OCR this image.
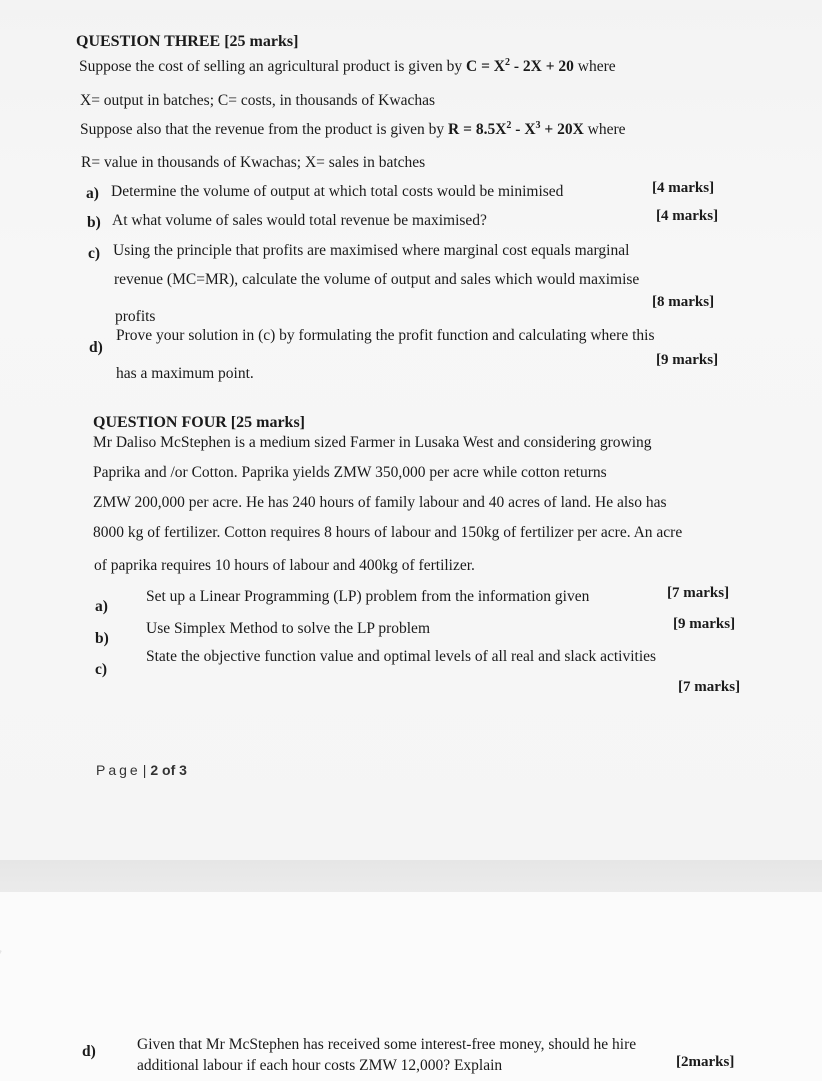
QUESTION THREE [25 marks]
Suppose the cost of selling an agricultural product is given by $C = X^2 - 2X + 20$ where
X= output in batches; C= costs, in thousands of Kwachas
Suppose also that the revenue from the product is given by $R = 8.5X^2 - X^3 + 20X$ where
R= value in thousands of Kwachas; X= sales in batches
a) Determine the volume of output at which total costs would be minimised	[4 marks]
b) At what volume of sales would total revenue be maximised?	[4 marks]
c) Using the principle that profits are maximised where marginal cost equals marginal
revenue (MC=MR), calculate the volume of output and sales which would maximise
profits
[8 marks]
d)
Prove your solution in (c) by formulating the profit function and calculating where this
has a maximum point.
[9 marks]
QUESTION FOUR [25 marks]
Mr Daliso McStephen is a medium sized Farmer in Lusaka West and considering growing
Paprika and /or Cotton. Paprika yields ZMW 350,000 per acre while cotton returns
ZMW 200,000 per acre. He has 240 hours of family labour and 40 acres of land. He also has
8000 kg of fertilizer. Cotton requires 8 hours of labour and 150kg of fertilizer per acre. An acre
of paprika requires 10 hours of labour and 400kg of fertilizer.
a)
Set up a Linear Programming (LP) problem from the information given	[7 marks]
b)
Use Simplex Method to solve the LP problem	[9 marks]
c)
State the objective function value and optimal levels of all real and slack activities
[7 marks]
Page | 2 of 3
d)	Given that Mr McStephen has received some interest-free money, should he hire
additional labour if each hour costs ZMW 12,000? Explain	[2marks]
